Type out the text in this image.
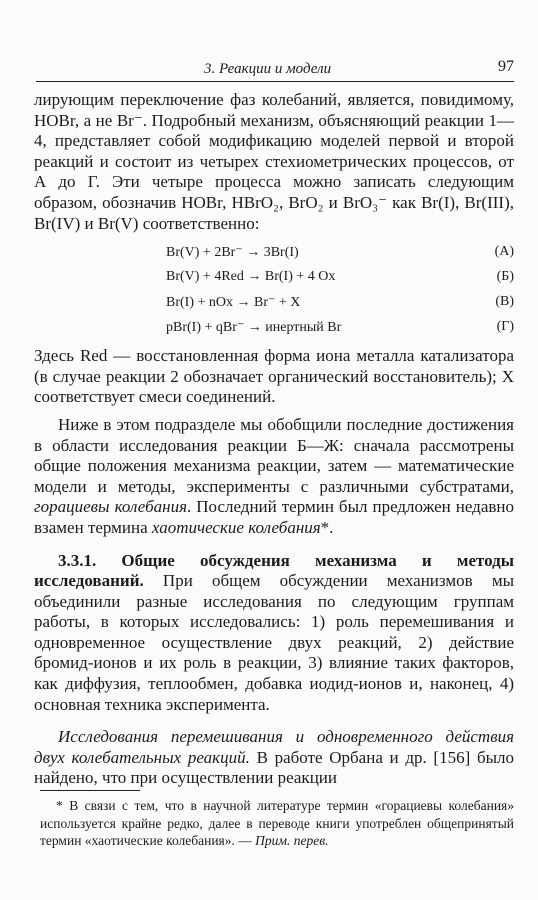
3. Реакции и модели	97

лирующим переключение фаз колебаний, является, повидимому, HOBr, а не Br⁻. Подробный механизм, объясняющий реакции 1—4, представляет собой модификацию моделей первой и второй реакций и состоит из четырех стехиометрических процессов, от А до Г. Эти четыре процесса можно записать следующим образом, обозначив HOBr, HBrO₂, BrO₂ и BrO₃⁻ как Br(I), Br(III), Br(IV) и Br(V) соответственно:

Br(V) + 2Br⁻ → 3Br(I)	(А)
Br(V) + 4Red → Br(I) + 4 Ox	(Б)
Br(I) + nOx → Br⁻ + X	(В)
pBr(I) + qBr⁻ → инертный Br	(Г)

Здесь Red — восстановленная форма иона металла катализатора (в случае реакции 2 обозначает органический восстановитель); X соответствует смеси соединений.

Ниже в этом подразделе мы обобщили последние достижения в области исследования реакции Б—Ж: сначала рассмотрены общие положения механизма реакции, затем — математические модели и методы, эксперименты с различными субстратами, горациевы колебания. Последний термин был предложен недавно взамен термина хаотические колебания*.

3.3.1. Общие обсуждения механизма и методы исследований. При общем обсуждении механизмов мы объединили разные исследования по следующим группам работы, в которых исследовались: 1) роль перемешивания и одновременное осуществление двух реакций, 2) действие бромид-ионов и их роль в реакции, 3) влияние таких факторов, как диффузия, теплообмен, добавка иодид-ионов и, наконец, 4) основная техника эксперимента.

Исследования перемешивания и одновременного действия двух колебательных реакций. В работе Орбана и др. [156] было найдено, что при осуществлении реакции

* В связи с тем, что в научной литературе термин «горациевы колебания» используется крайне редко, далее в переводе книги употреблен общепринятый термин «хаотические колебания». — Прим. перев.
